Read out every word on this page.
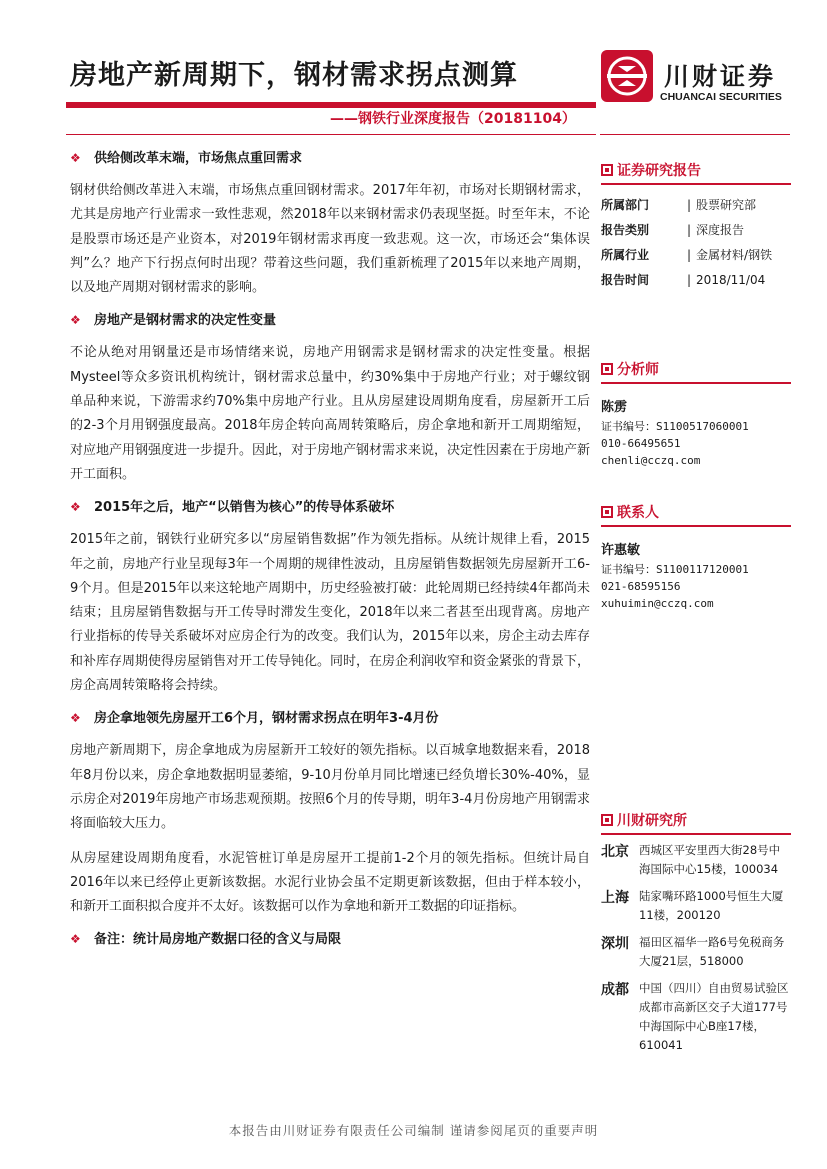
房地产新周期下，钢材需求拐点测算
——钢铁行业深度报告（20181104）
川财证券
CHUANCAI SECURITIES
❖ 供给侧改革末端，市场焦点重回需求

钢材供给侧改革进入末端，市场焦点重回钢材需求。2017年年初，市场对长期钢材需求，尤其是房地产行业需求一致性悲观，然2018年以来钢材需求仍表现坚挺。时至年末，不论是股票市场还是产业资本，对2019年钢材需求再度一致悲观。这一次，市场还会“集体误判”么？地产下行拐点何时出现？带着这些问题，我们重新梳理了2015年以来地产周期，以及地产周期对钢材需求的影响。

❖ 房地产是钢材需求的决定性变量

不论从绝对用钢量还是市场情绪来说，房地产用钢需求是钢材需求的决定性变量。根据Mysteel等众多资讯机构统计，钢材需求总量中，约30%集中于房地产行业；对于螺纹钢单品种来说，下游需求约70%集中房地产行业。且从房屋建设周期角度看，房屋新开工后的2-3个月用钢强度最高。2018年房企转向高周转策略后，房企拿地和新开工周期缩短，对应地产用钢强度进一步提升。因此，对于房地产钢材需求来说，决定性因素在于房地产新开工面积。

❖ 2015年之后，地产“以销售为核心”的传导体系破坏

2015年之前，钢铁行业研究多以“房屋销售数据”作为领先指标。从统计规律上看，2015年之前，房地产行业呈现每3年一个周期的规律性波动，且房屋销售数据领先房屋新开工6-9个月。但是2015年以来这轮地产周期中，历史经验被打破：此轮周期已经持续4年都尚未结束；且房屋销售数据与开工传导时滞发生变化，2018年以来二者甚至出现背离。房地产行业指标的传导关系破坏对应房企行为的改变。我们认为，2015年以来，房企主动去库存和补库存周期使得房屋销售对开工传导钝化。同时，在房企利润收窄和资金紧张的背景下，房企高周转策略将会持续。

❖ 房企拿地领先房屋开工6个月，钢材需求拐点在明年3-4月份

房地产新周期下，房企拿地成为房屋新开工较好的领先指标。以百城拿地数据来看，2018年8月份以来，房企拿地数据明显萎缩，9-10月份单月同比增速已经负增长30%-40%，显示房企对2019年房地产市场悲观预期。按照6个月的传导期，明年3-4月份房地产用钢需求将面临较大压力。

从房屋建设周期角度看，水泥管桩订单是房屋开工提前1-2个月的领先指标。但统计局自2016年以来已经停止更新该数据。水泥行业协会虽不定期更新该数据，但由于样本较小，和新开工面积拟合度并不太好。该数据可以作为拿地和新开工数据的印证指标。

❖ 备注：统计局房地产数据口径的含义与局限
证券研究报告
所属部门	| 股票研究部
报告类别	| 深度报告
所属行业	| 金属材料/钢铁
报告时间	| 2018/11/04
分析师
陈雳
证书编号：S1100517060001
010-66495651
chenli@cczq.com
联系人
许惠敏
证书编号：S1100117120001
021-68595156
xuhuimin@cczq.com
川财研究所
北京 西城区平安里西大街28号中海国际中心15楼，100034
上海 陆家嘴环路1000号恒生大厦11楼，200120
深圳 福田区福华一路6号免税商务大厦21层，518000
成都 中国（四川）自由贸易试验区成都市高新区交子大道177号中海国际中心B座17楼，610041
本报告由川财证券有限责任公司编制 谨请参阅尾页的重要声明
